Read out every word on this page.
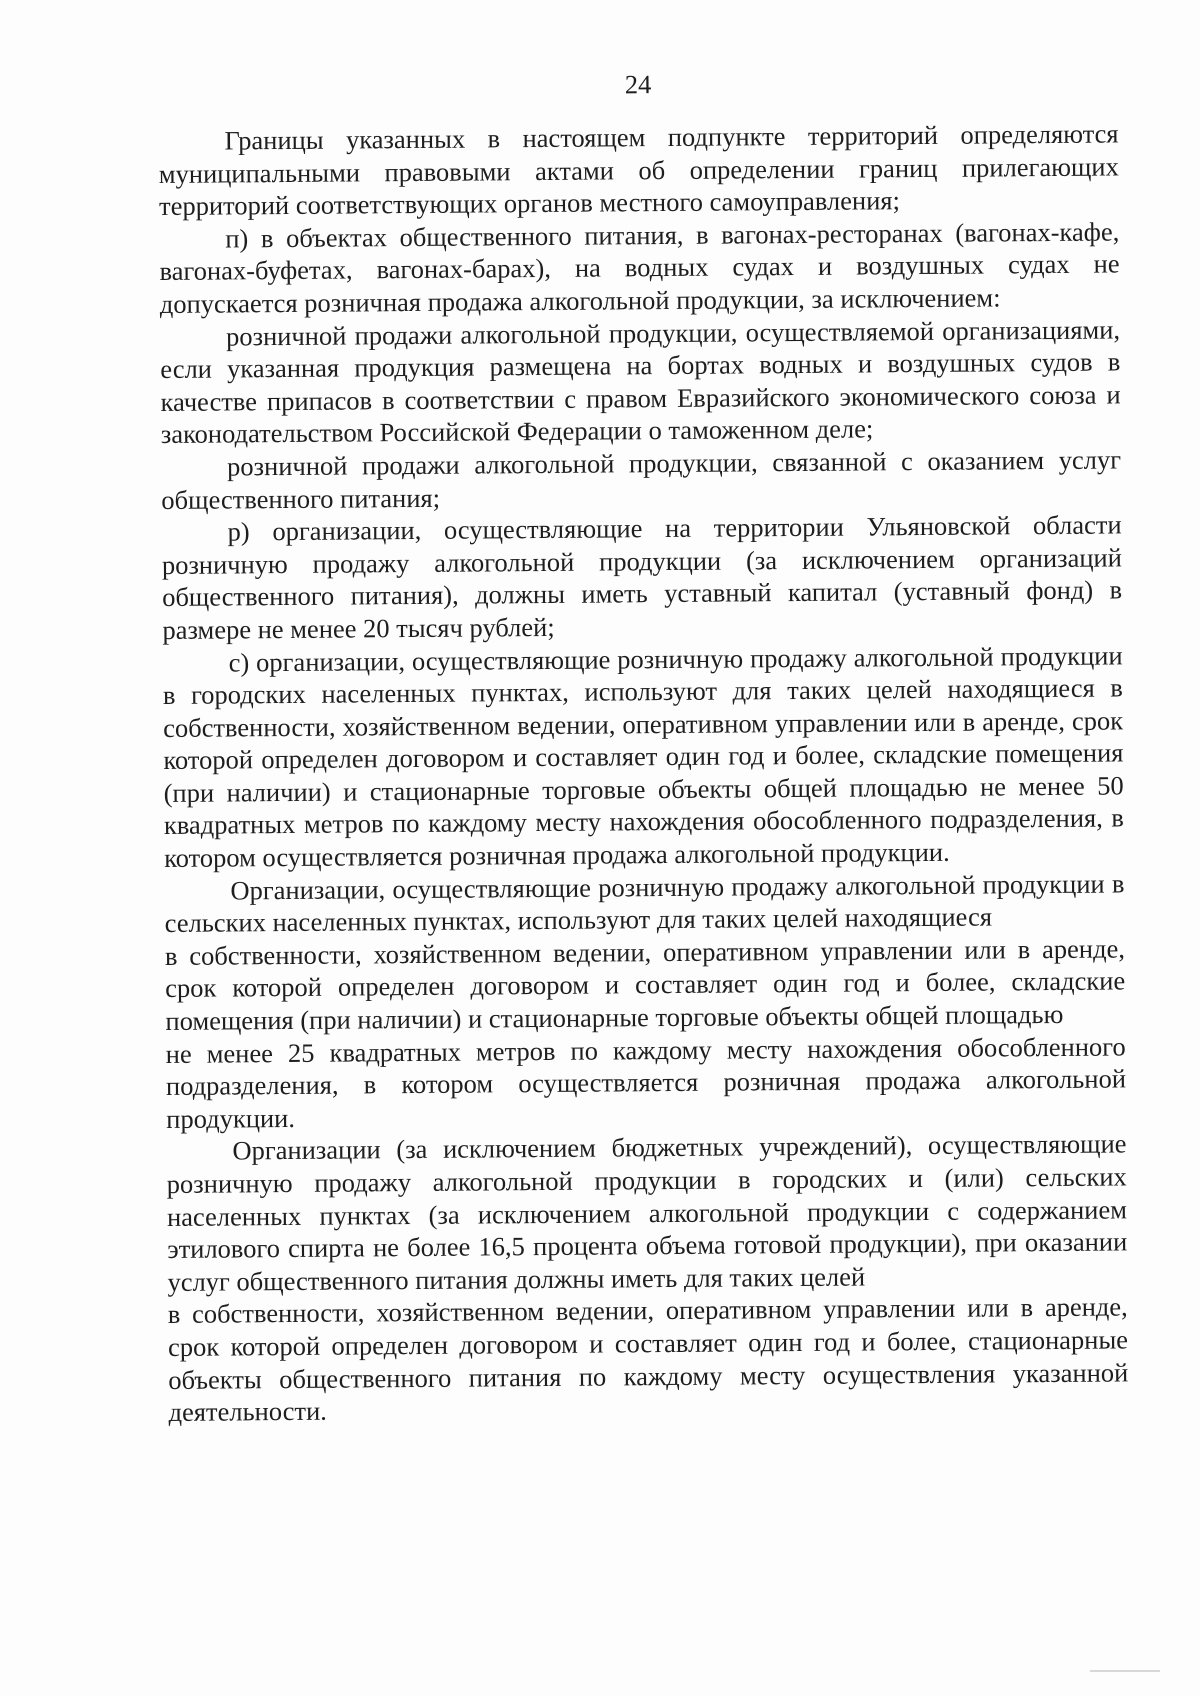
24

Границы указанных в настоящем подпункте территорий определяются муниципальными правовыми актами об определении границ прилегающих территорий соответствующих органов местного самоуправления;

п) в объектах общественного питания, в вагонах-ресторанах (вагонах-кафе, вагонах-буфетах, вагонах-барах), на водных судах и воздушных судах не допускается розничная продажа алкогольной продукции, за исключением:

розничной продажи алкогольной продукции, осуществляемой организациями, если указанная продукция размещена на бортах водных и воздушных судов в качестве припасов в соответствии с правом Евразийского экономического союза и законодательством Российской Федерации о таможенном деле;

розничной продажи алкогольной продукции, связанной с оказанием услуг общественного питания;

р) организации, осуществляющие на территории Ульяновской области розничную продажу алкогольной продукции (за исключением организаций общественного питания), должны иметь уставный капитал (уставный фонд) в размере не менее 20 тысяч рублей;

с) организации, осуществляющие розничную продажу алкогольной продукции в городских населенных пунктах, используют для таких целей находящиеся в собственности, хозяйственном ведении, оперативном управлении или в аренде, срок которой определен договором и составляет один год и более, складские помещения (при наличии) и стационарные торговые объекты общей площадью не менее 50 квадратных метров по каждому месту нахождения обособленного подразделения, в котором осуществляется розничная продажа алкогольной продукции.

Организации, осуществляющие розничную продажу алкогольной продукции в сельских населенных пунктах, используют для таких целей находящиеся

в собственности, хозяйственном ведении, оперативном управлении или в аренде, срок которой определен договором и составляет один год и более, складские помещения (при наличии) и стационарные торговые объекты общей площадью

не менее 25 квадратных метров по каждому месту нахождения обособленного подразделения, в котором осуществляется розничная продажа алкогольной продукции.

Организации (за исключением бюджетных учреждений), осуществляющие розничную продажу алкогольной продукции в городских и (или) сельских населенных пунктах (за исключением алкогольной продукции с содержанием этилового спирта не более 16,5 процента объема готовой продукции), при оказании услуг общественного питания должны иметь для таких целей

в собственности, хозяйственном ведении, оперативном управлении или в аренде, срок которой определен договором и составляет один год и более, стационарные объекты общественного питания по каждому месту осуществления указанной деятельности.
